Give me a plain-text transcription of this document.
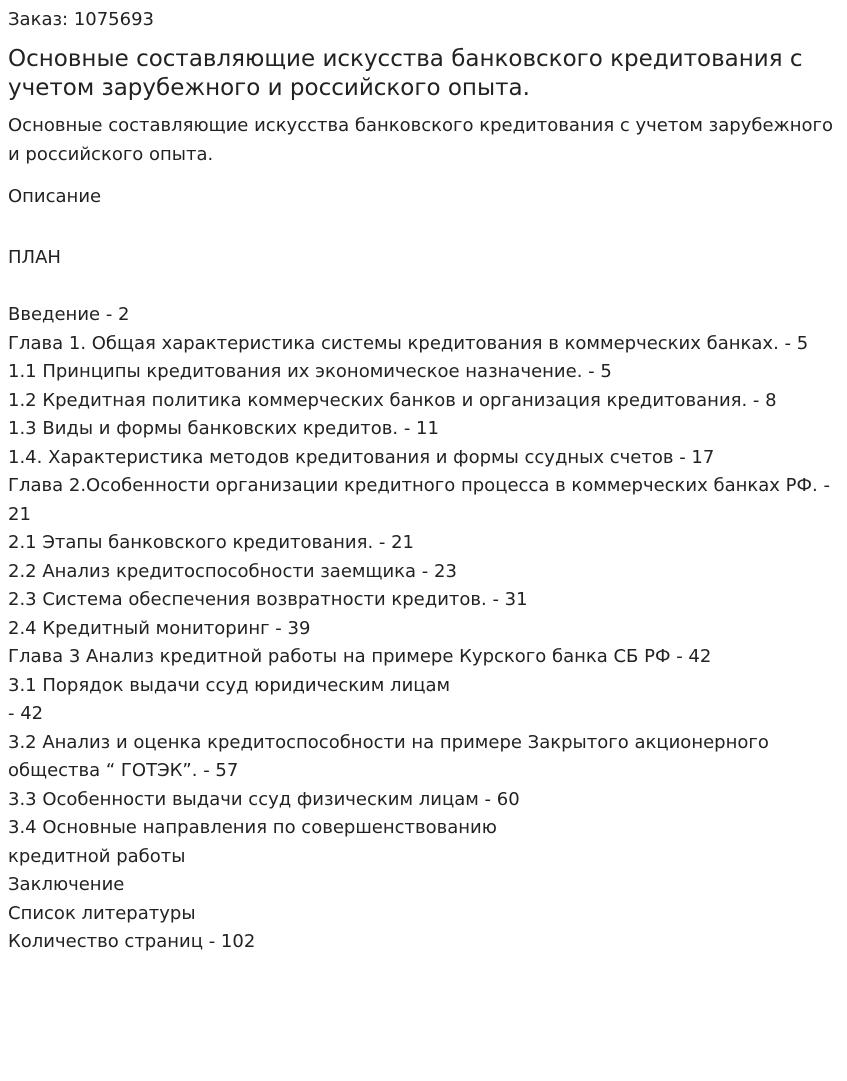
Заказ: 1075693
Основные составляющие искусства банковского кредитования с учетом зарубежного и российского опыта.
Основные составляющие искусства банковского кредитования с учетом зарубежного и российского опыта.
Описание
ПЛАН
Введение - 2
Глава 1. Общая характеристика системы кредитования в коммерческих банках. - 5
1.1 Принципы кредитования их экономическое назначение. - 5
1.2 Кредитная политика коммерческих банков и организация кредитования. - 8
1.3 Виды и формы банковских кредитов. - 11
1.4. Характеристика методов кредитования и формы ссудных счетов - 17
Глава 2.Особенности организации кредитного процесса в коммерческих банках РФ. - 21
2.1 Этапы банковского кредитования. - 21
2.2 Анализ кредитоспособности заемщика - 23
2.3 Система обеспечения возвратности кредитов. - 31
2.4 Кредитный мониторинг - 39
Глава 3 Анализ кредитной работы на примере Курского банка СБ РФ - 42
3.1 Порядок выдачи ссуд юридическим лицам
- 42
3.2 Анализ и оценка кредитоспособности на примере Закрытого акционерного общества “ ГОТЭК”. - 57
3.3 Особенности выдачи ссуд физическим лицам - 60
3.4 Основные направления по совершенствованию
кредитной работы
Заключение
Список литературы
Количество страниц - 102
